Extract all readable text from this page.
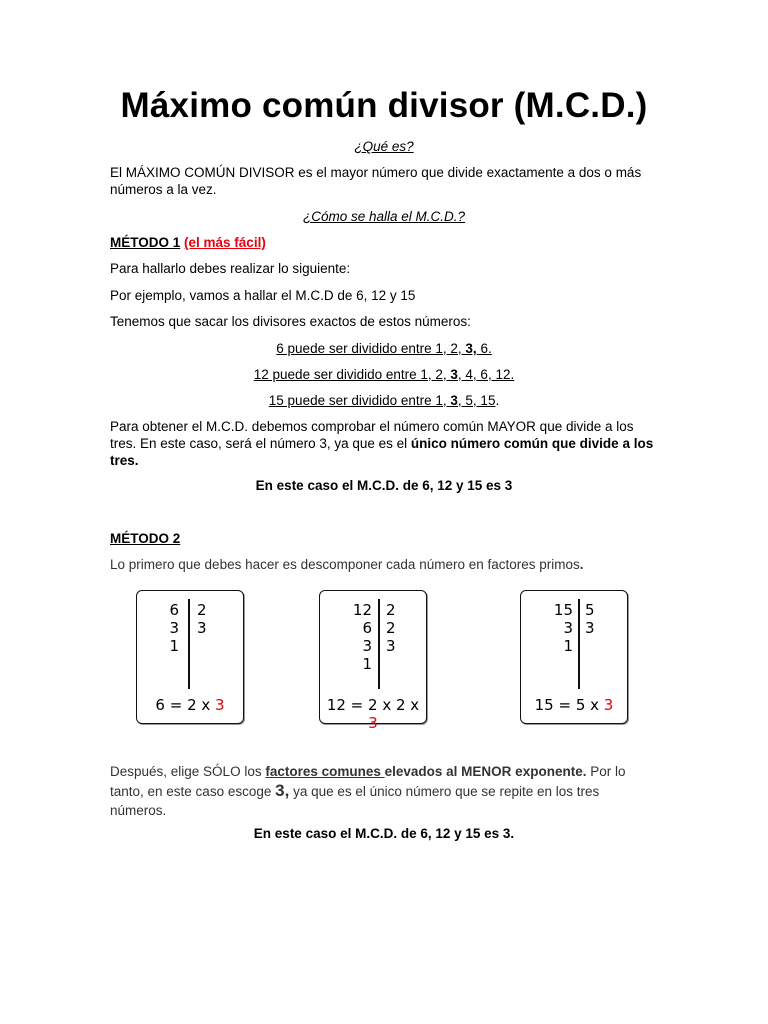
Máximo común divisor (M.C.D.)
¿Qué es?
El MÁXIMO COMÚN DIVISOR es el mayor número que divide exactamente a dos o más números a la vez.
¿Cómo se halla el M.C.D.?
MÉTODO 1 (el más fácil)
Para hallarlo debes realizar lo siguiente:
Por ejemplo, vamos a hallar el M.C.D de 6, 12 y 15
Tenemos que sacar los divisores exactos de estos números:
6 puede ser dividido entre 1, 2, 3, 6.
12 puede ser dividido entre 1, 2, 3, 4, 6, 12.
15 puede ser dividido entre 1, 3, 5, 15.
Para obtener el M.C.D. debemos comprobar el número común MAYOR que divide a los tres. En este caso, será el número 3, ya que es el único número común que divide a los tres.
En este caso el M.C.D. de 6, 12 y 15 es 3
MÉTODO 2
Lo primero que debes hacer es descomponer cada número en factores primos.
6
3
1
2
3
6 = 2 x 3
12
6
3
1
2
2
3
12 = 2 x 2 x 3
15
3
1
5
3
15 = 5 x 3
Después, elige SÓLO los factores comunes elevados al MENOR exponente. Por lo tanto, en este caso escoge 3, ya que es el único número que se repite en los tres números.
En este caso el M.C.D. de 6, 12 y 15 es 3.
